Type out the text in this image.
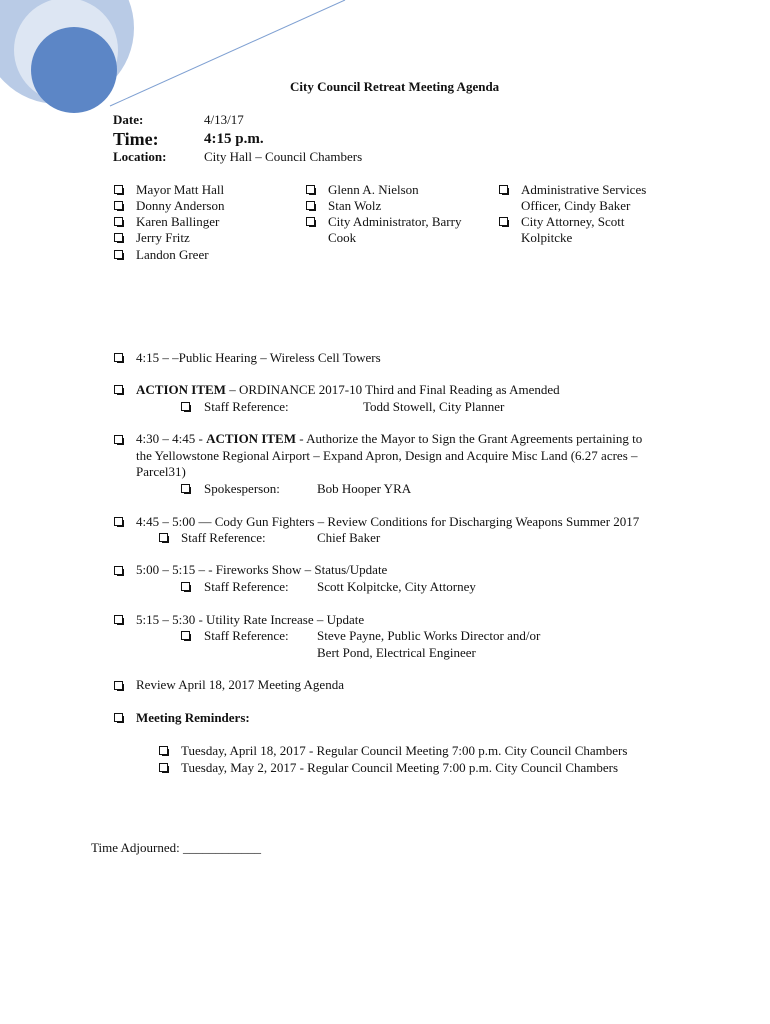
City Council Retreat Meeting Agenda
Date:	4/13/17
Time:	4:15 p.m.
Location:	City Hall – Council Chambers
Mayor Matt Hall
Donny Anderson
Karen Ballinger
Jerry Fritz
Landon Greer
Glenn A. Nielson
Stan Wolz
City Administrator, Barry
Cook
Administrative Services
Officer, Cindy Baker
City Attorney, Scott
Kolpitcke
4:15 – –Public Hearing – Wireless Cell Towers
ACTION ITEM – ORDINANCE 2017-10 Third and Final Reading as Amended
Staff Reference:	Todd Stowell, City Planner
4:30 – 4:45 - ACTION ITEM - Authorize the Mayor to Sign the Grant Agreements pertaining to
the Yellowstone Regional Airport – Expand Apron, Design and Acquire Misc Land (6.27 acres –
Parcel31)
Spokesperson:	Bob Hooper YRA
4:45 – 5:00 — Cody Gun Fighters – Review Conditions for Discharging Weapons Summer 2017
Staff Reference:	Chief Baker
5:00 – 5:15 – - Fireworks Show – Status/Update
Staff Reference: Scott Kolpitcke, City Attorney
5:15 – 5:30 - Utility Rate Increase – Update
Staff Reference: Steve Payne, Public Works Director and/or
Bert Pond, Electrical Engineer
Review April 18, 2017 Meeting Agenda
Meeting Reminders:
Tuesday, April 18, 2017 - Regular Council Meeting 7:00 p.m. City Council Chambers
Tuesday, May 2, 2017 - Regular Council Meeting 7:00 p.m. City Council Chambers
Time Adjourned: ____________
